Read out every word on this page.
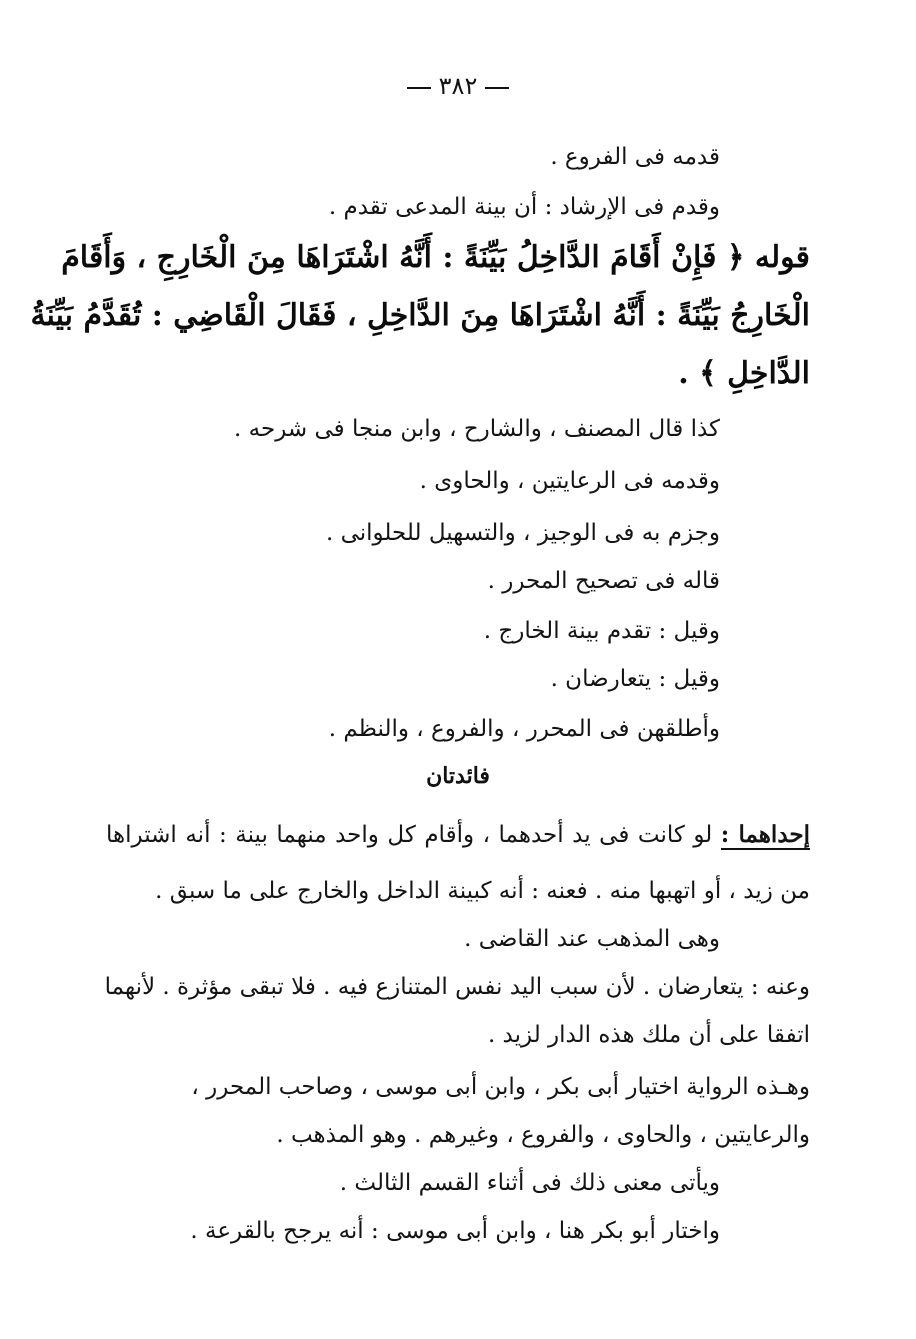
٣٨٢
قدمه فى الفروع .
وقدم فى الإرشاد : أن بينة المدعى تقدم .
قوله ﴿ فَإِنْ أَقَامَ الدَّاخِلُ بَيِّنَةً : أَنَّهُ اشْتَرَاهَا مِنَ الْخَارِجِ ، وَأَقَامَ
الْخَارِجُ بَيِّنَةً : أَنَّهُ اشْتَرَاهَا مِنَ الدَّاخِلِ ، فَقَالَ الْقَاضِي : تُقَدَّمُ بَيِّنَةُ
الدَّاخِلِ ﴾ .
كذا قال المصنف ، والشارح ، وابن منجا فى شرحه .
وقدمه فى الرعايتين ، والحاوى .
وجزم به فى الوجيز ، والتسهيل للحلوانى .
قاله فى تصحيح المحرر .
وقيل : تقدم بينة الخارج .
وقيل : يتعارضان .
وأطلقهن فى المحرر ، والفروع ، والنظم .
فائدتان
إحداهما : لو كانت فى يد أحدهما ، وأقام كل واحد منهما بينة : أنه اشتراها
من زيد ، أو اتهبها منه . فعنه : أنه كبينة الداخل والخارج على ما سبق .
وهى المذهب عند القاضى .
وعنه : يتعارضان . لأن سبب اليد نفس المتنازع فيه . فلا تبقى مؤثرة . لأنهما
اتفقا على أن ملك هذه الدار لزيد .
وهـذه الرواية اختيار أبى بكر ، وابن أبى موسى ، وصاحب المحرر ،
والرعايتين ، والحاوى ، والفروع ، وغيرهم . وهو المذهب .
ويأتى معنى ذلك فى أثناء القسم الثالث .
واختار أبو بكر هنا ، وابن أبى موسى : أنه يرجح بالقرعة .
